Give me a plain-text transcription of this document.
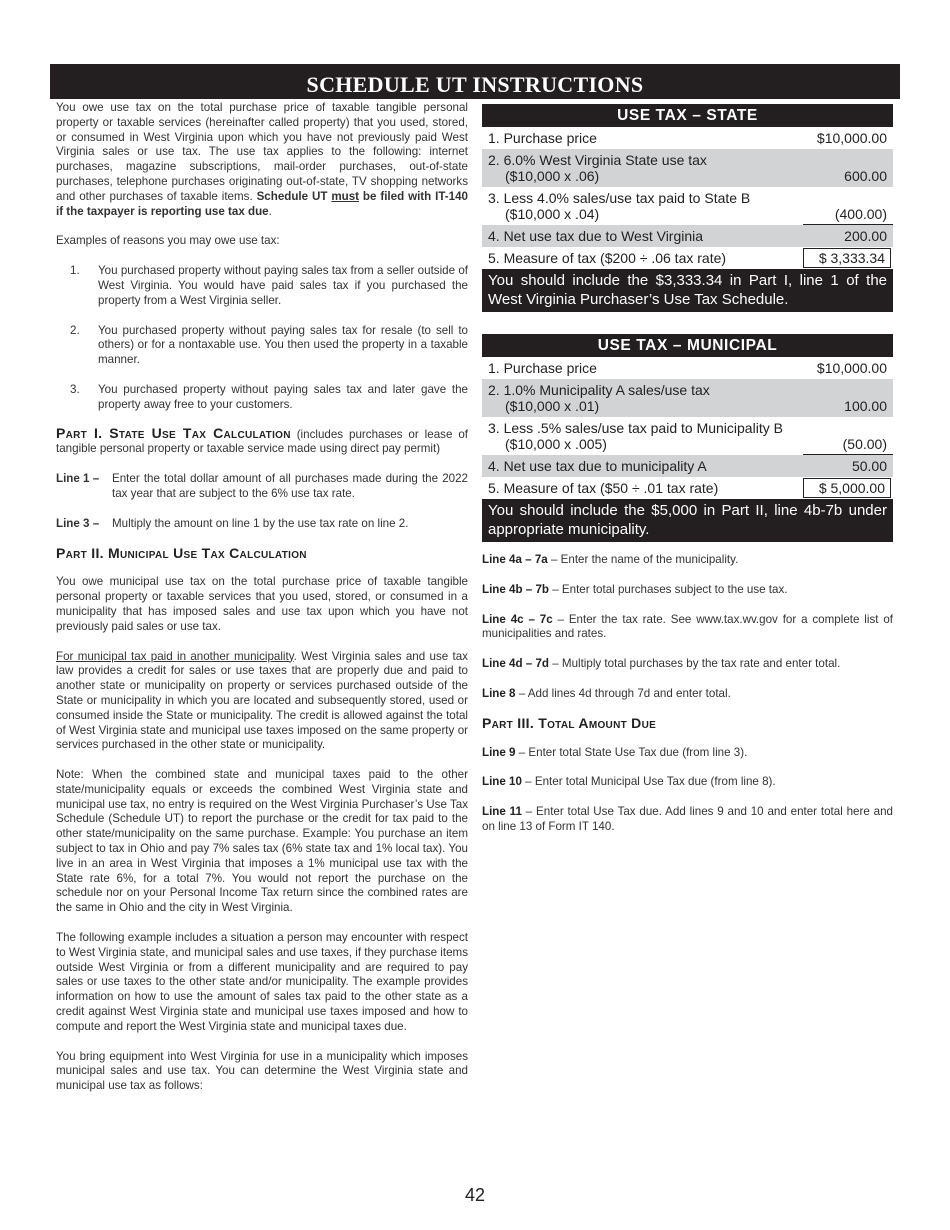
SCHEDULE UT INSTRUCTIONS

You owe use tax on the total purchase price of taxable tangible personal property or taxable services (hereinafter called property) that you used, stored, or consumed in West Virginia upon which you have not previously paid West Virginia sales or use tax. The use tax applies to the following: internet purchases, magazine subscriptions, mail-order purchases, out-of-state purchases, telephone purchases originating out-of-state, TV shopping networks and other purchases of taxable items. Schedule UT must be filed with IT-140 if the taxpayer is reporting use tax due.

Examples of reasons you may owe use tax:

1.	You purchased property without paying sales tax from a seller outside of West Virginia. You would have paid sales tax if you purchased the property from a West Virginia seller.
2.	You purchased property without paying sales tax for resale (to sell to others) or for a nontaxable use. You then used the property in a taxable manner.
3.	You purchased property without paying sales tax and later gave the property away free to your customers.

Part I. State Use Tax Calculation (includes purchases or lease of tangible personal property or taxable service made using direct pay permit)

Line 1 –	Enter the total dollar amount of all purchases made during the 2022 tax year that are subject to the 6% use tax rate.
Line 3 –	Multiply the amount on line 1 by the use tax rate on line 2.

Part II. Municipal Use Tax Calculation

You owe municipal use tax on the total purchase price of taxable tangible personal property or taxable services that you used, stored, or consumed in a municipality that has imposed sales and use tax upon which you have not previously paid sales or use tax.

For municipal tax paid in another municipality. West Virginia sales and use tax law provides a credit for sales or use taxes that are properly due and paid to another state or municipality on property or services purchased outside of the State or municipality in which you are located and subsequently stored, used or consumed inside the State or municipality. The credit is allowed against the total of West Virginia state and municipal use taxes imposed on the same property or services purchased in the other state or municipality.

Note: When the combined state and municipal taxes paid to the other state/municipality equals or exceeds the combined West Virginia state and municipal use tax, no entry is required on the West Virginia Purchaser’s Use Tax Schedule (Schedule UT) to report the purchase or the credit for tax paid to the other state/municipality on the same purchase. Example: You purchase an item subject to tax in Ohio and pay 7% sales tax (6% state tax and 1% local tax). You live in an area in West Virginia that imposes a 1% municipal use tax with the State rate 6%, for a total 7%. You would not report the purchase on the schedule nor on your Personal Income Tax return since the combined rates are the same in Ohio and the city in West Virginia.

The following example includes a situation a person may encounter with respect to West Virginia state, and municipal sales and use taxes, if they purchase items outside West Virginia or from a different municipality and are required to pay sales or use taxes to the other state and/or municipality. The example provides information on how to use the amount of sales tax paid to the other state as a credit against West Virginia state and municipal use taxes imposed and how to compute and report the West Virginia state and municipal taxes due.

You bring equipment into West Virginia for use in a municipality which imposes municipal sales and use tax. You can determine the West Virginia state and municipal use tax as follows:

USE TAX – STATE
1. Purchase price	$10,000.00
2. 6.0% West Virginia State use tax
($10,000 x .06)	600.00
3. Less 4.0% sales/use tax paid to State B
($10,000 x .04)	(400.00)
4. Net use tax due to West Virginia	200.00
5. Measure of tax ($200 ÷ .06 tax rate)	$ 3,333.34
You should include the $3,333.34 in Part I, line 1 of the West Virginia Purchaser’s Use Tax Schedule.
USE TAX – MUNICIPAL
1. Purchase price	$10,000.00
2. 1.0% Municipality A sales/use tax
($10,000 x .01)	100.00
3. Less .5% sales/use tax paid to Municipality B
($10,000 x .005)	(50.00)
4. Net use tax due to municipality A	50.00
5. Measure of tax ($50 ÷ .01 tax rate)	$ 5,000.00
You should include the $5,000 in Part II, line 4b-7b under appropriate municipality.

Line 4a – 7a – Enter the name of the municipality.

Line 4b – 7b – Enter total purchases subject to the use tax.

Line 4c – 7c – Enter the tax rate. See www.tax.wv.gov for a complete list of municipalities and rates.

Line 4d – 7d – Multiply total purchases by the tax rate and enter total.

Line 8 – Add lines 4d through 7d and enter total.

Part III. Total Amount Due

Line 9 – Enter total State Use Tax due (from line 3).

Line 10 – Enter total Municipal Use Tax due (from line 8).

Line 11 – Enter total Use Tax due. Add lines 9 and 10 and enter total here and on line 13 of Form IT 140.

42
